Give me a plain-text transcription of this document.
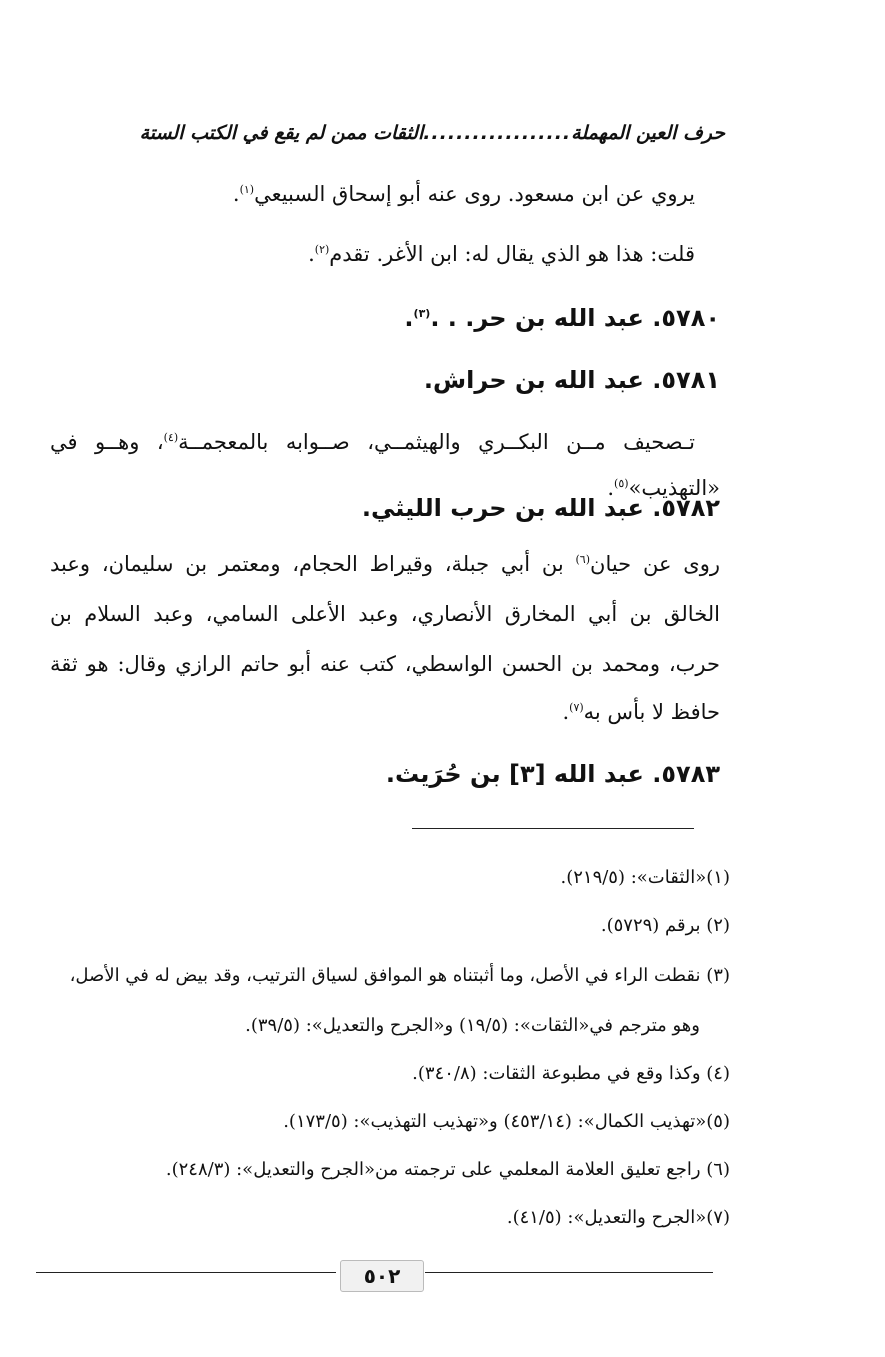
حرف العين المهملة
..................
الثقات ممن لم يقع في الكتب الستة
يروي عن ابن مسعود. روى عنه أبو إسحاق السبيعي$^{(١)}$.
قلت: هذا هو الذي يقال له: ابن الأغر. تقدم$^{(٢)}$.
٥٧٨٠. عبد الله بن حر. . .$^{(٣)}$.
٥٧٨١. عبد الله بن حراش.
تـصحيف مــن البكــري والهيثمــي، صــوابه بالمعجمــة$^{(٤)}$، وهــو في
«التهذيب»$^{(٥)}$.
٥٧٨٢. عبد الله بن حرب الليثي.
روى عن حيان$^{(٦)}$ بن أبي جبلة، وقيراط الحجام، ومعتمر بن سليمان، وعبد
الخالق بن أبي المخارق الأنصاري، وعبد الأعلى السامي، وعبد السلام بن
حرب، ومحمد بن الحسن الواسطي، كتب عنه أبو حاتم الرازي وقال: هو ثقة
حافظ لا بأس به$^{(٧)}$.
٥٧٨٣. عبد الله [٣] بن حُرَيث.
(١)«الثقات»: (٢١٩/٥).
(٢) برقم (٥٧٢٩).
(٣) نقطت الراء في الأصل، وما أثبتناه هو الموافق لسياق الترتيب، وقد بيض له في الأصل،
وهو مترجم في«الثقات»: (١٩/٥) و«الجرح والتعديل»: (٣٩/٥).
(٤) وكذا وقع في مطبوعة الثقات: (٣٤٠/٨).
(٥)«تهذيب الكمال»: (٤٥٣/١٤) و«تهذيب التهذيب»: (١٧٣/٥).
(٦) راجع تعليق العلامة المعلمي على ترجمته من«الجرح والتعديل»: (٢٤٨/٣).
(٧)«الجرح والتعديل»: (٤١/٥).
٥٠٢
